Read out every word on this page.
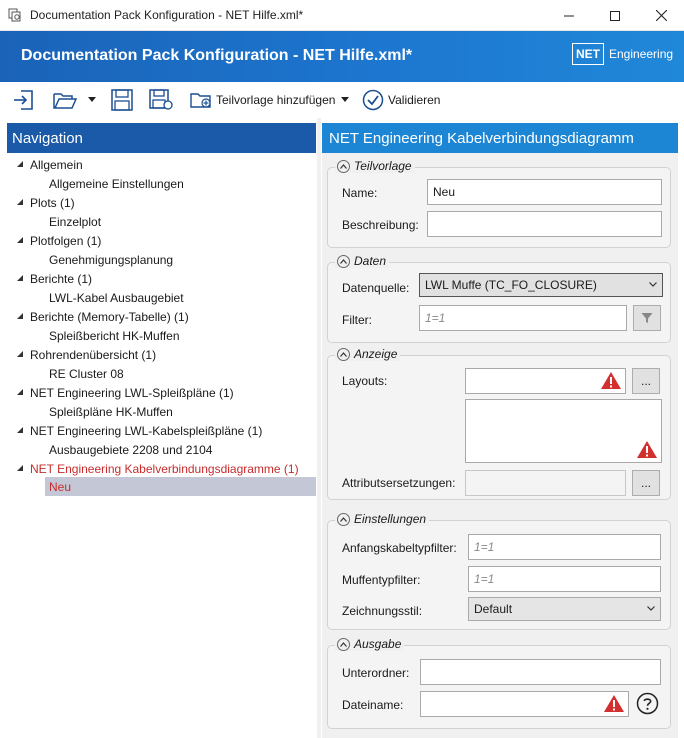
Documentation Pack Konfiguration - NET Hilfe.xml*
Documentation Pack Konfiguration - NET Hilfe.xml*	NET Engineering
Teilvorlage hinzufügen	Validieren
Navigation
Allgemein
Allgemeine Einstellungen
Plots (1)
Einzelplot
Plotfolgen (1)
Genehmigungsplanung
Berichte (1)
LWL-Kabel Ausbaugebiet
Berichte (Memory-Tabelle) (1)
Spleißbericht HK-Muffen
Rohrendenübersicht (1)
RE Cluster 08
NET Engineering LWL-Spleißpläne (1)
Spleißpläne HK-Muffen
NET Engineering LWL-Kabelspleißpläne (1)
Ausbaugebiete 2208 und 2104
NET Engineering Kabelverbindungsdiagramme (1)
Neu
NET Engineering Kabelverbindungsdiagramm
Teilvorlage
Name:	Neu
Beschreibung:
Daten
Datenquelle:	LWL Muffe (TC_FO_CLOSURE)
Filter:	1=1
Anzeige
Layouts:	...
Attributsersetzungen:	...
Einstellungen
Anfangskabeltypfilter:	1=1
Muffentypfilter:	1=1
Zeichnungsstil:	Default
Ausgabe
Unterordner:
Dateiname:
